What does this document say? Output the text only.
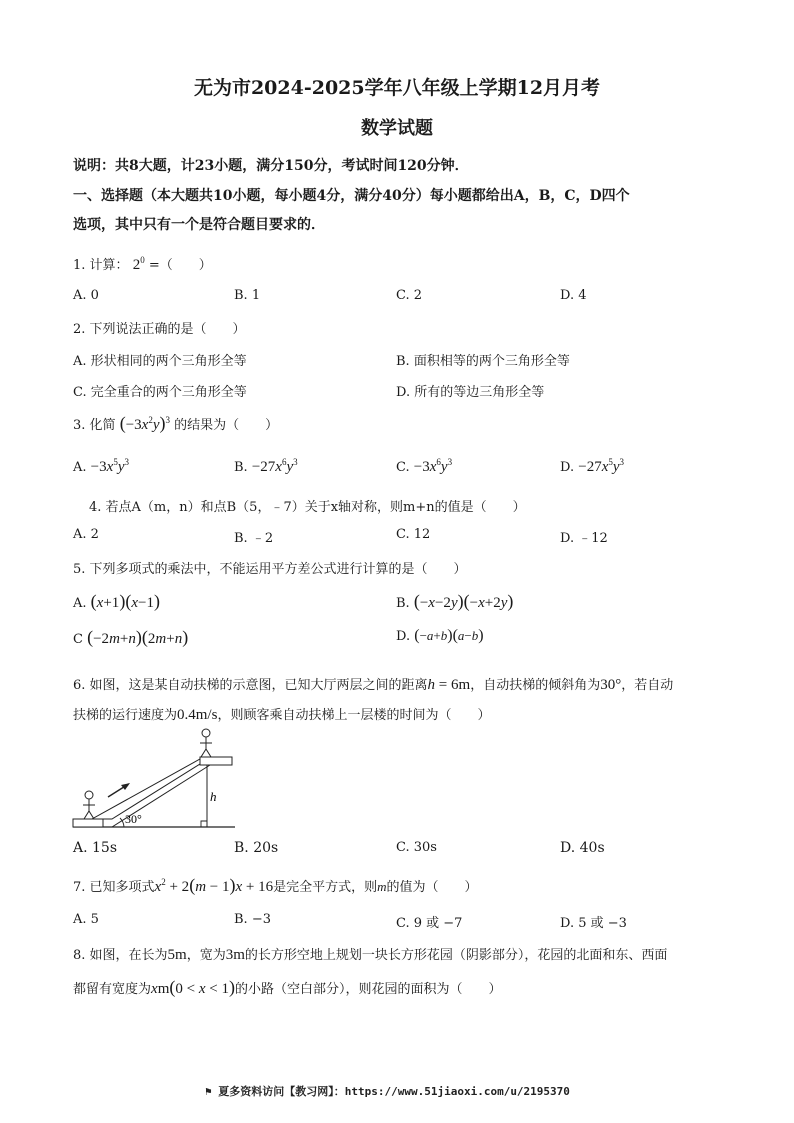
无为市2024-2025学年八年级上学期12月月考
数学试题
说明：共8大题，计23小题，满分150分，考试时间120分钟．
一、选择题（本大题共10小题，每小题4分，满分40分）每小题都给出A，B，C，D四个
选项，其中只有一个是符合题目要求的．
1. 计算： $2^0$ =（　　）
A. 0	B. 1	C. 2	D. 4
2. 下列说法正确的是（　　）
A. 形状相同的两个三角形全等	B. 面积相等的两个三角形全等
C. 完全重合的两个三角形全等	D. 所有的等边三角形全等
3. 化简 $(-3x^2y)^3$ 的结果为（　　）
A. $-3x^5y^3$	B. $-27x^6y^3$	C. $-3x^6y^3$	D. $-27x^5y^3$
4. 若点A（m，n）和点B（5，﹣7）关于x轴对称，则m+n的值是（　　）
A. 2	B. ﹣2	C. 12	D. ﹣12
5. 下列多项式的乘法中，不能运用平方差公式进行计算的是（　　）
A. (x+1)(x−1)	B. (−x−2y)(−x+2y)
C (−2m+n)(2m+n)	D. (−a+b)(a−b)
6. 如图，这是某自动扶梯的示意图，已知大厅两层之间的距离h = 6m，自动扶梯的倾斜角为30°，若自动
扶梯的运行速度为0.4m/s，则顾客乘自动扶梯上一层楼的时间为（　　）
h
30°
A. 15s	B. 20s	C. 30s	D. 40s
7. 已知多项式$x^2 + 2(m - 1)x + 16$是完全平方式，则m的值为（　　）
A. 5	B. −3	C. 9 或 −7	D. 5 或 −3
8. 如图，在长为5m，宽为3m的长方形空地上规划一块长方形花园（阴影部分），花园的北面和东、西面
都留有宽度为xm(0 < x < 1)的小路（空白部分），则花园的面积为（　　）
⚑ 夏多资料访问【教习网】：https://www.51jiaoxi.com/u/2195370
